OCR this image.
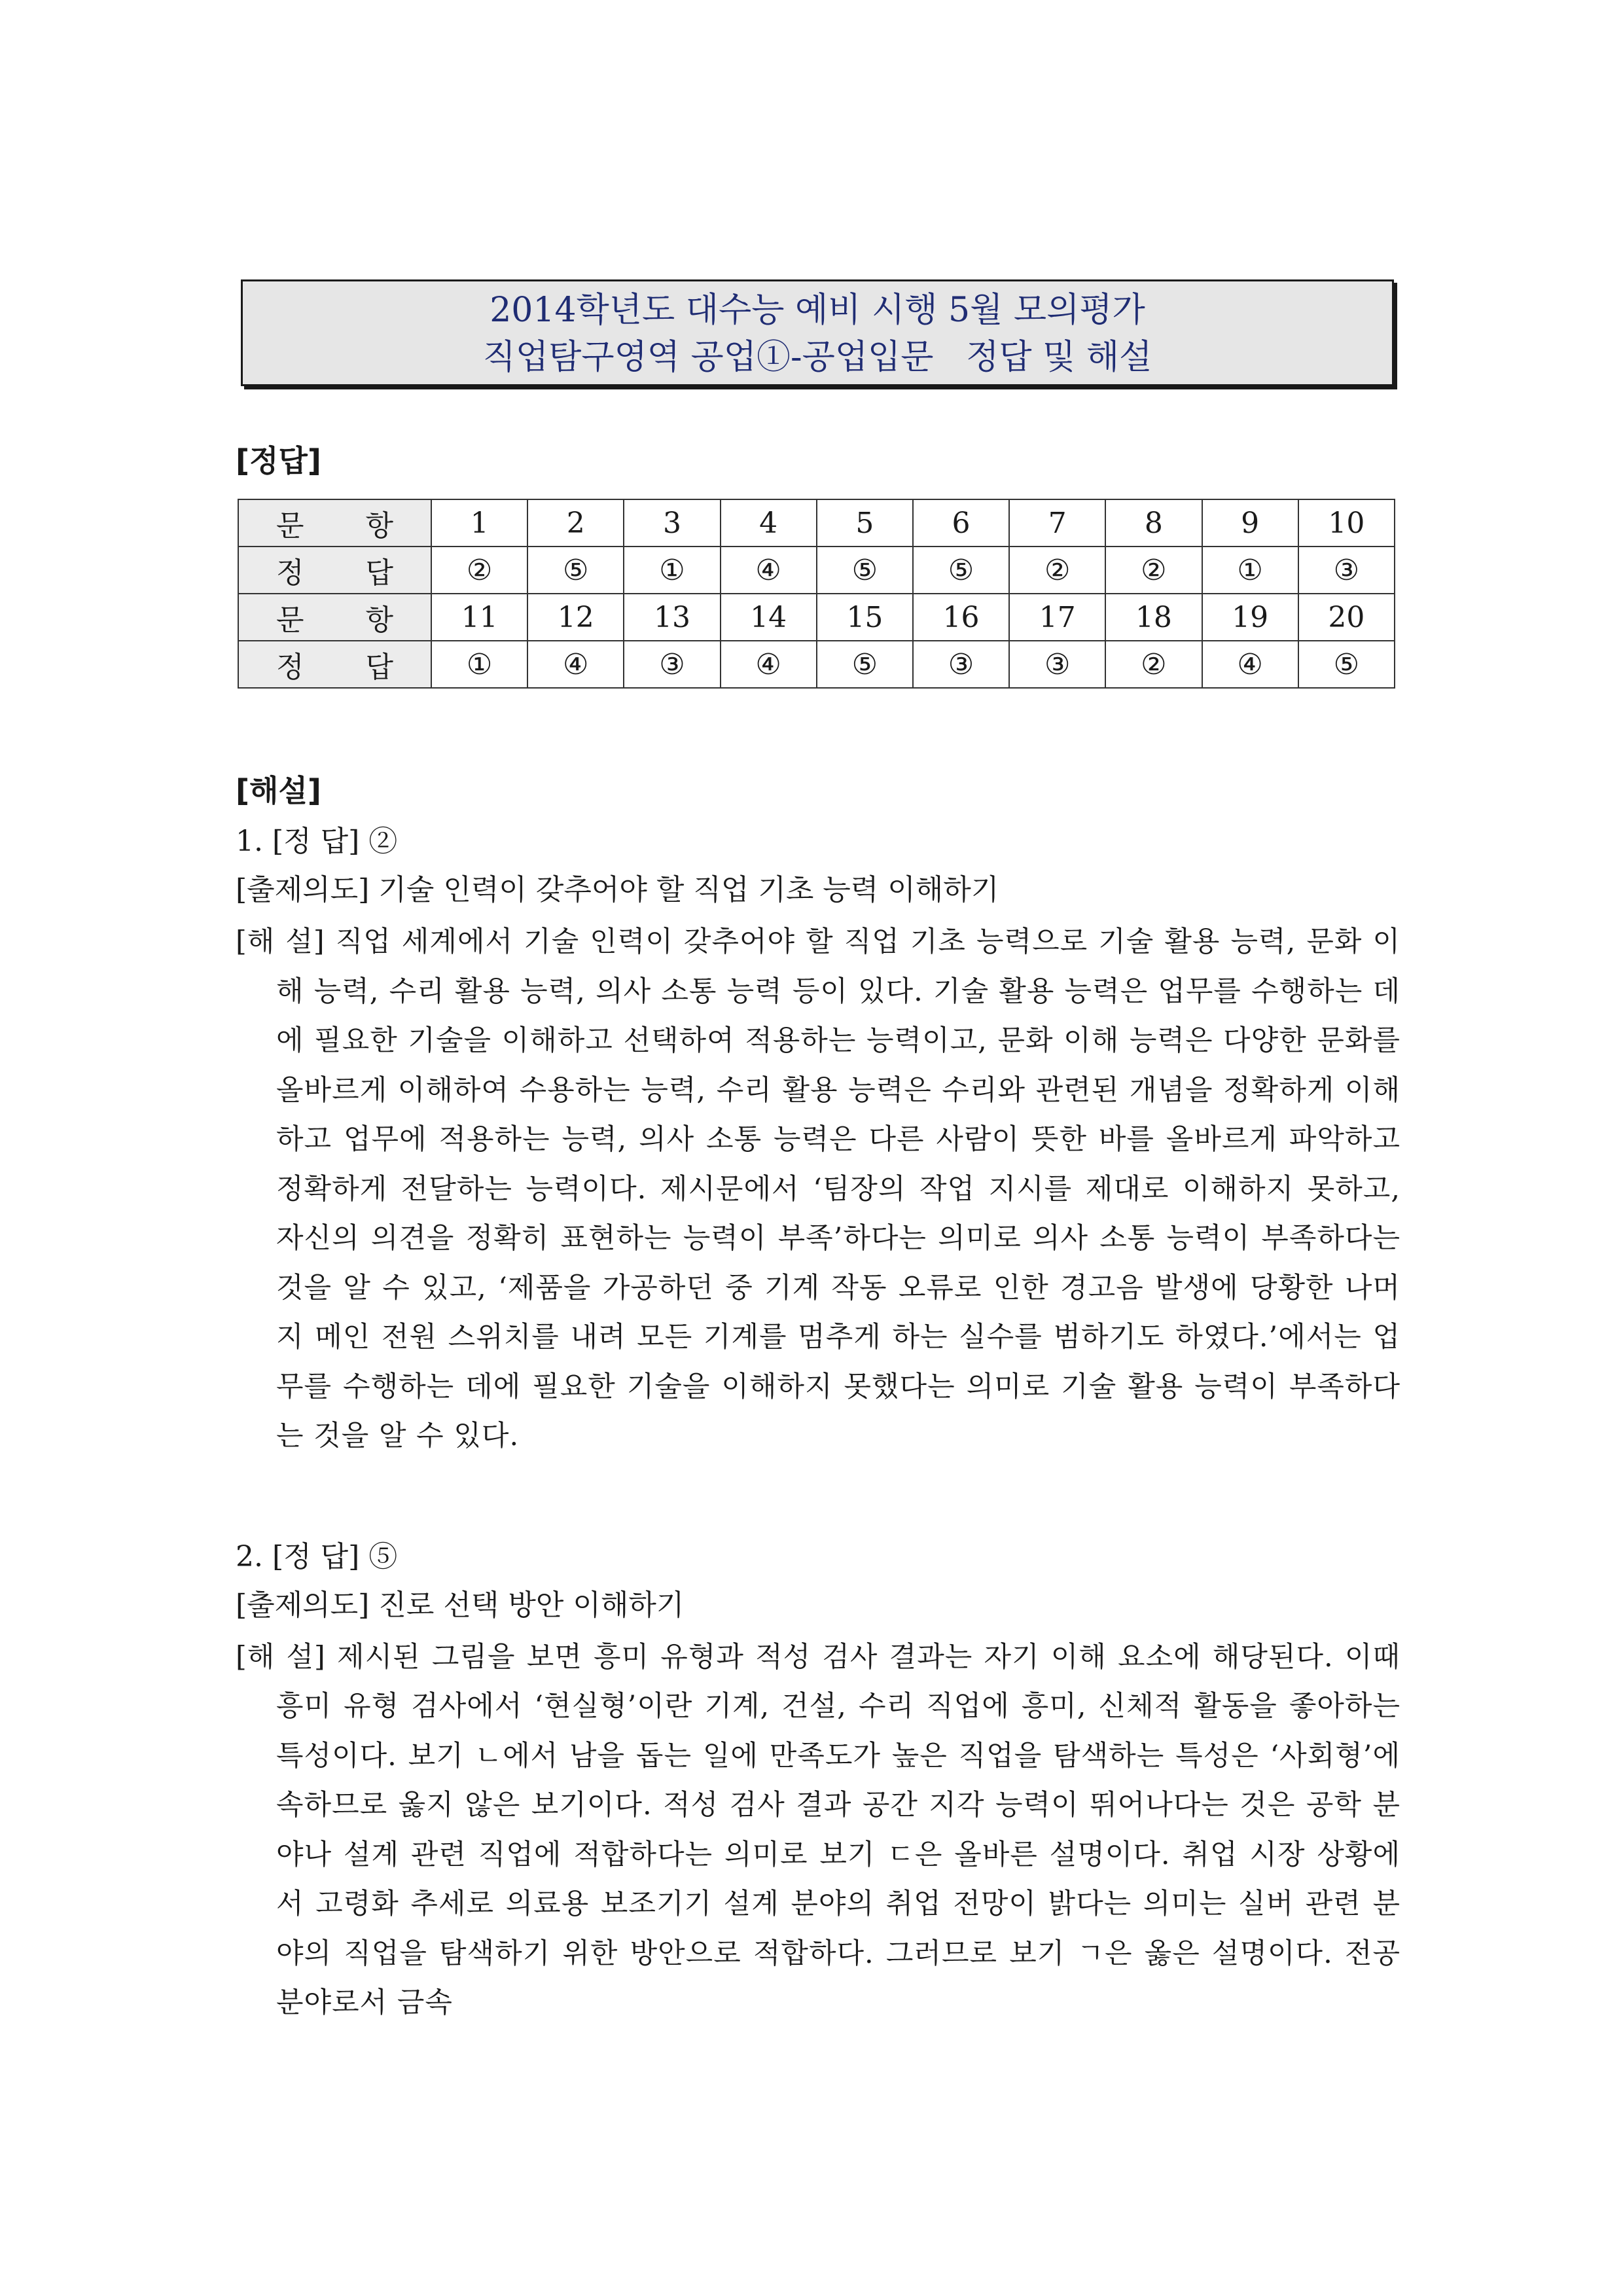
2014학년도 대수능 예비 시행 5월 모의평가
직업탐구영역 공업①-공업입문   정답 및 해설
[정답]
문 항	1	2	3	4	5	6	7	8	9	10
정 답	②	⑤	①	④	⑤	⑤	②	②	①	③
문 항	11	12	13	14	15	16	17	18	19	20
정 답	①	④	③	④	⑤	③	③	②	④	⑤
[해설]
1. [정 답] ②
[출제의도] 기술 인력이 갖추어야 할 직업 기초 능력 이해하기
[해 설] 직업 세계에서 기술 인력이 갖추어야 할 직업 기초 능력으로 기술 활용 능력, 문화 이해 능력, 수리 활용 능력, 의사 소통 능력 등이 있다. 기술 활용 능력은 업무를 수행하는 데에 필요한 기술을 이해하고 선택하여 적용하는 능력이고, 문화 이해 능력은 다양한 문화를 올바르게 이해하여 수용하는 능력, 수리 활용 능력은 수리와 관련된 개념을 정확하게 이해하고 업무에 적용하는 능력, 의사 소통 능력은 다른 사람이 뜻한 바를 올바르게 파악하고 정확하게 전달하는 능력이다. 제시문에서 ‘팀장의 작업 지시를 제대로 이해하지 못하고, 자신의 의견을 정확히 표현하는 능력이 부족’하다는 의미로 의사 소통 능력이 부족하다는 것을 알 수 있고, ‘제품을 가공하던 중 기계 작동 오류로 인한 경고음 발생에 당황한 나머지 메인 전원 스위치를 내려 모든 기계를 멈추게 하는 실수를 범하기도 하였다.’에서는 업무를 수행하는 데에 필요한 기술을 이해하지 못했다는 의미로 기술 활용 능력이 부족하다는 것을 알 수 있다.
2. [정 답] ⑤
[출제의도] 진로 선택 방안 이해하기
[해 설] 제시된 그림을 보면 흥미 유형과 적성 검사 결과는 자기 이해 요소에 해당된다. 이때 흥미 유형 검사에서 ‘현실형’이란 기계, 건설, 수리 직업에 흥미, 신체적 활동을 좋아하는 특성이다. 보기 ㄴ에서 남을 돕는 일에 만족도가 높은 직업을 탐색하는 특성은 ‘사회형’에 속하므로 옳지 않은 보기이다. 적성 검사 결과 공간 지각 능력이 뛰어나다는 것은 공학 분야나 설계 관련 직업에 적합하다는 의미로 보기 ㄷ은 올바른 설명이다. 취업 시장 상황에서 고령화 추세로 의료용 보조기기 설계 분야의 취업 전망이 밝다는 의미는 실버 관련 분야의 직업을 탐색하기 위한 방안으로 적합하다. 그러므로 보기 ㄱ은 옳은 설명이다. 전공 분야로서 금속
